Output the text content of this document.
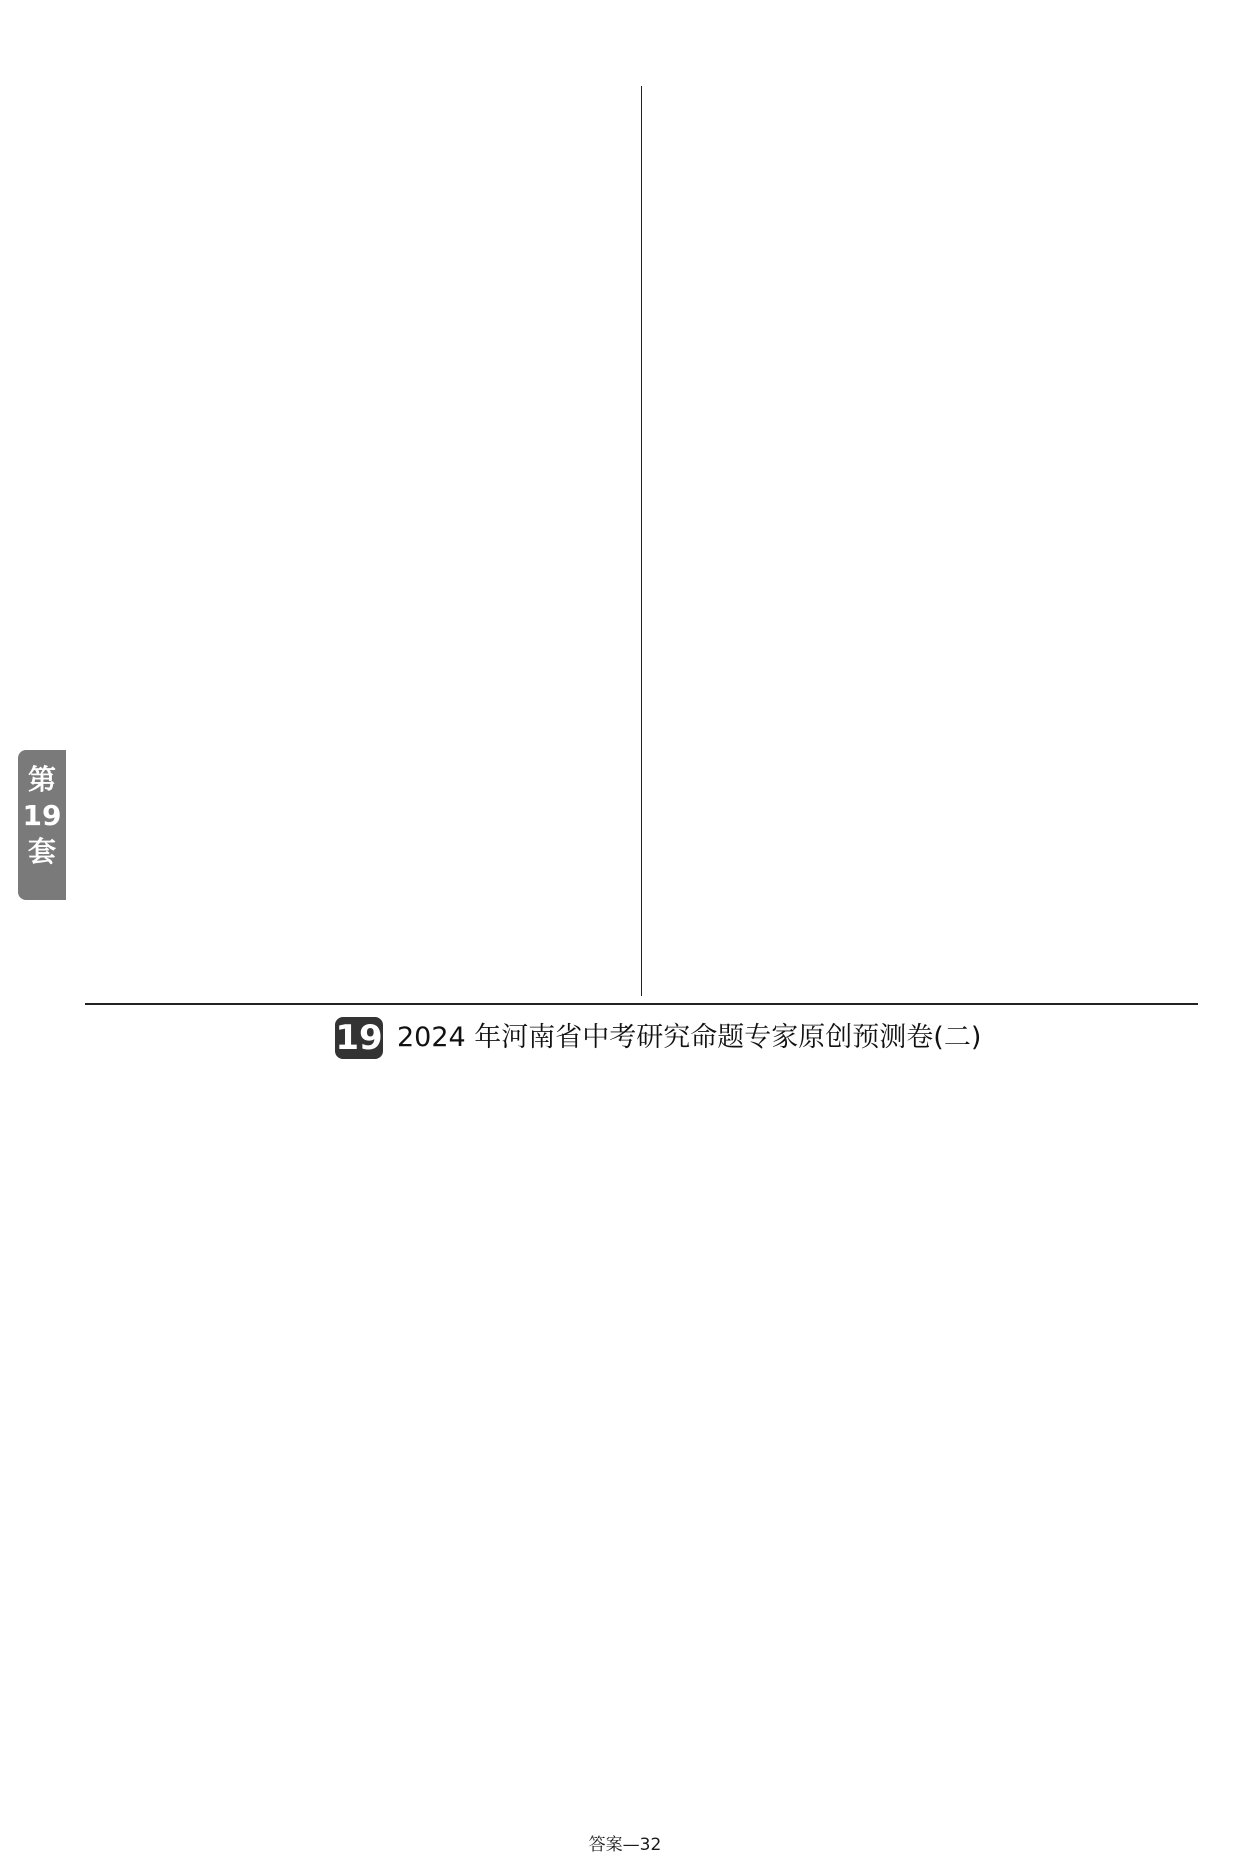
第19套
19 2024 年河南省中考研究命题专家原创预测卷(二)
答案—32
